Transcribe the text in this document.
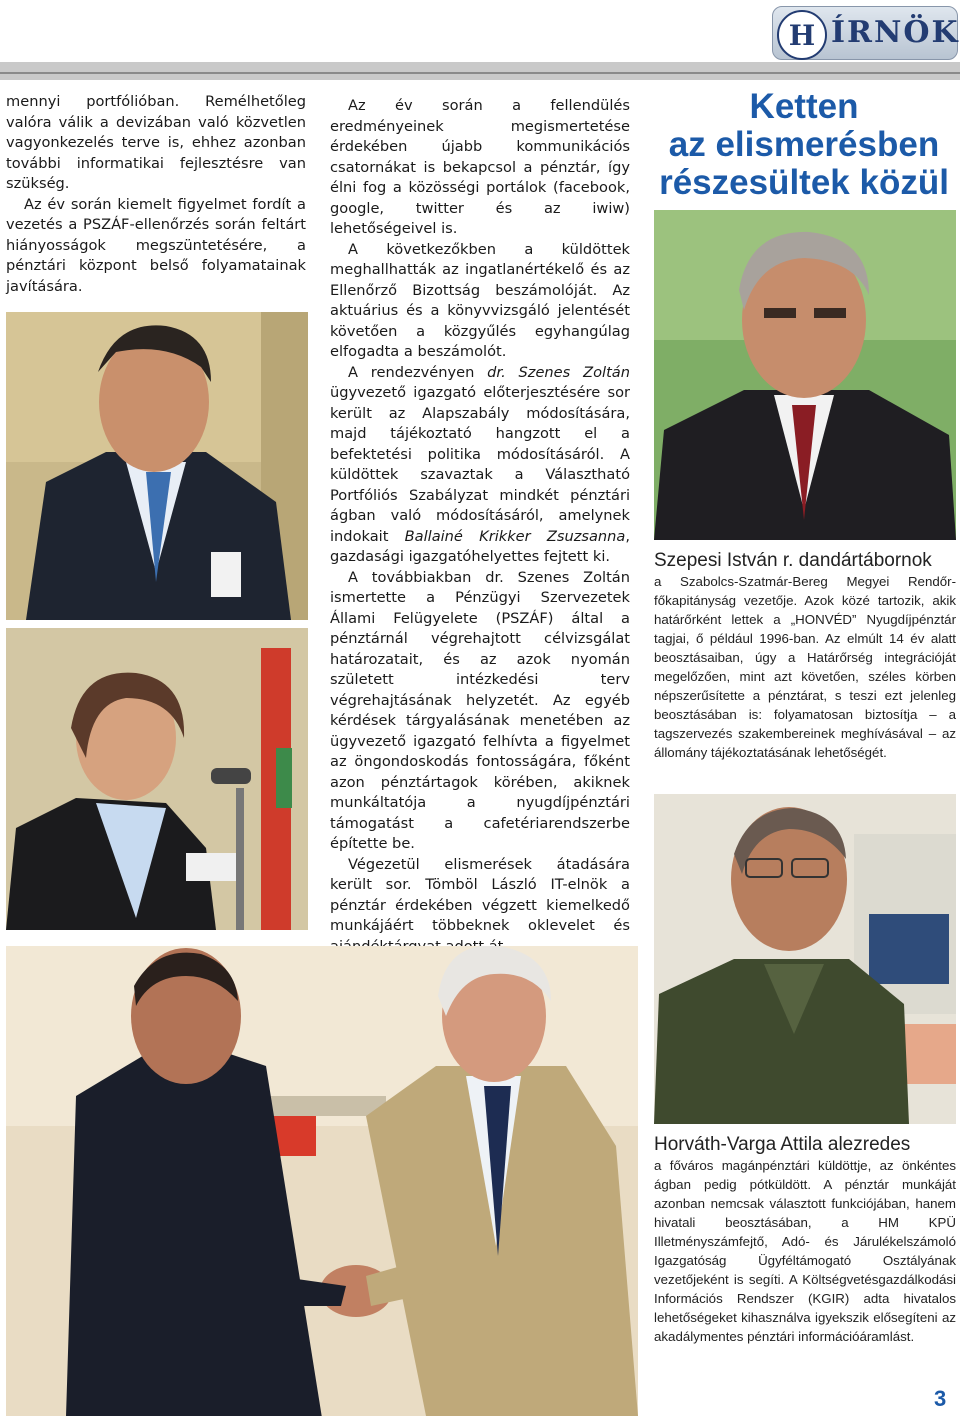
H ÍRNÖK

mennyi portfólióban. Remélhetőleg valóra válik a devizában való közvetlen vagyonkezelés terve is, ehhez azonban további informatikai fejlesztésre van szükség.

Az év során kiemelt figyelmet fordít a vezetés a PSZÁF-ellenőrzés során feltárt hiányosságok megszüntetésére, a pénztári központ belső folyamatainak javítására.

Az év során a fellendülés eredményeinek megismertetése érdekében újabb kommunikációs csatornákat is bekapcsol a pénztár, így élni fog a közösségi portálok (facebook, google, twitter és az iwiw) lehetőségeivel is.

A következőkben a küldöttek meghallhatták az ingatlanértékelő és az Ellenőrző Bizottság beszámolóját. Az aktuárius és a könyvvizsgáló jelentését követően a közgyűlés egyhangúlag elfogadta a beszámolót.

A rendezvényen dr. Szenes Zoltán ügyvezető igazgató előterjesztésére sor került az Alapszabály módosítására, majd tájékoztató hangzott el a befektetési politika módosításáról. A küldöttek szavaztak a Választható Portfóliós Szabályzat mindkét pénztári ágban való módosításáról, amelynek indokait Ballainé Krikker Zsuzsanna, gazdasági igazgatóhelyettes fejtett ki.

A továbbiakban dr. Szenes Zoltán ismertette a Pénzügyi Szervezetek Állami Felügyelete (PSZÁF) által a pénztárnál végrehajtott célvizsgálat határozatait, és az azok nyomán született intézkedési terv végrehajtásának helyzetét. Az egyéb kérdések tárgyalásának menetében az ügyvezető igazgató felhívta a figyelmet az öngondoskodás fontosságára, főként azon pénztártagok körében, akiknek munkáltatója a nyugdíjpénztári támogatást a cafetériarendszerbe építette be.

Végezetül elismerések átadására került sor. Tömböl László IT-elnök a pénztár érdekében végzett kiemelkedő munkájáért többeknek oklevelet és

Ketten
az elismerésben
részesültek közül
Szepesi István r. dandártábornok

a Szabolcs-Szatmár-Bereg Megyei Rendőr-főkapitányság vezetője. Azok közé tartozik, akik határőrként lettek a „HONVÉD” Nyugdíjpénztár tagjai, ő például 1996-ban. Az elmúlt 14 év alatt beosztásaiban, úgy a Határőrség integrációját megelőzően, mint azt követően, széles körben népszerűsítette a pénztárat, s teszi ezt jelenleg beosztásában is: folyamatosan biztosítja – a tagszervezés szakembereinek meghívásával – az állomány tájékoztatásának lehetőségét.

Horváth-Varga Attila alezredes

a főváros magánpénztári küldöttje, az önkéntes ágban pedig pótküldött. A pénztár munkáját azonban nemcsak választott funkciójában, hanem hivatali beosztásában, a HM KPÜ Illetményszámfejtő, Adó- és Járulékelszámoló Igazgatóság Ügyféltámogató Osztályának vezetőjeként is segíti. A Költségvetésgazdálkodási Információs Rendszer (KGIR) adta hivatalos lehetőségeket kihasználva igyekszik elősegíteni az akadálymentes pénztári információáramlást.

3
